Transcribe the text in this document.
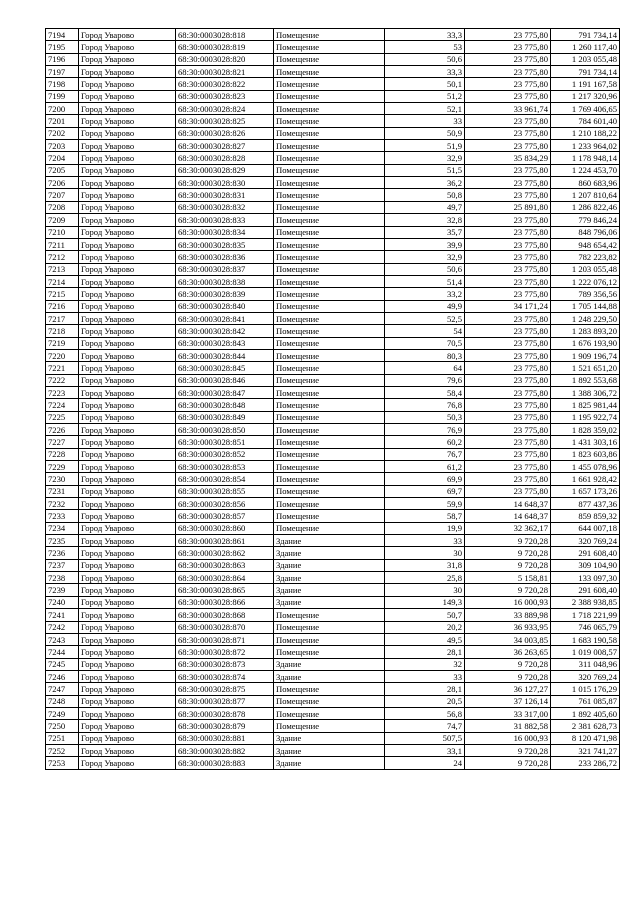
7194	Город Уварово	68:30:0003028:818	Помещение	33,3	23 775,80	791 734,14
7195	Город Уварово	68:30:0003028:819	Помещение	53	23 775,80	1 260 117,40
7196	Город Уварово	68:30:0003028:820	Помещение	50,6	23 775,80	1 203 055,48
7197	Город Уварово	68:30:0003028:821	Помещение	33,3	23 775,80	791 734,14
7198	Город Уварово	68:30:0003028:822	Помещение	50,1	23 775,80	1 191 167,58
7199	Город Уварово	68:30:0003028:823	Помещение	51,2	23 775,80	1 217 320,96
7200	Город Уварово	68:30:0003028:824	Помещение	52,1	33 961,74	1 769 406,65
7201	Город Уварово	68:30:0003028:825	Помещение	33	23 775,80	784 601,40
7202	Город Уварово	68:30:0003028:826	Помещение	50,9	23 775,80	1 210 188,22
7203	Город Уварово	68:30:0003028:827	Помещение	51,9	23 775,80	1 233 964,02
7204	Город Уварово	68:30:0003028:828	Помещение	32,9	35 834,29	1 178 948,14
7205	Город Уварово	68:30:0003028:829	Помещение	51,5	23 775,80	1 224 453,70
7206	Город Уварово	68:30:0003028:830	Помещение	36,2	23 775,80	860 683,96
7207	Город Уварово	68:30:0003028:831	Помещение	50,8	23 775,80	1 207 810,64
7208	Город Уварово	68:30:0003028:832	Помещение	49,7	25 891,80	1 286 822,46
7209	Город Уварово	68:30:0003028:833	Помещение	32,8	23 775,80	779 846,24
7210	Город Уварово	68:30:0003028:834	Помещение	35,7	23 775,80	848 796,06
7211	Город Уварово	68:30:0003028:835	Помещение	39,9	23 775,80	948 654,42
7212	Город Уварово	68:30:0003028:836	Помещение	32,9	23 775,80	782 223,82
7213	Город Уварово	68:30:0003028:837	Помещение	50,6	23 775,80	1 203 055,48
7214	Город Уварово	68:30:0003028:838	Помещение	51,4	23 775,80	1 222 076,12
7215	Город Уварово	68:30:0003028:839	Помещение	33,2	23 775,80	789 356,56
7216	Город Уварово	68:30:0003028:840	Помещение	49,9	34 171,24	1 705 144,88
7217	Город Уварово	68:30:0003028:841	Помещение	52,5	23 775,80	1 248 229,50
7218	Город Уварово	68:30:0003028:842	Помещение	54	23 775,80	1 283 893,20
7219	Город Уварово	68:30:0003028:843	Помещение	70,5	23 775,80	1 676 193,90
7220	Город Уварово	68:30:0003028:844	Помещение	80,3	23 775,80	1 909 196,74
7221	Город Уварово	68:30:0003028:845	Помещение	64	23 775,80	1 521 651,20
7222	Город Уварово	68:30:0003028:846	Помещение	79,6	23 775,80	1 892 553,68
7223	Город Уварово	68:30:0003028:847	Помещение	58,4	23 775,80	1 388 306,72
7224	Город Уварово	68:30:0003028:848	Помещение	76,8	23 775,80	1 825 981,44
7225	Город Уварово	68:30:0003028:849	Помещение	50,3	23 775,80	1 195 922,74
7226	Город Уварово	68:30:0003028:850	Помещение	76,9	23 775,80	1 828 359,02
7227	Город Уварово	68:30:0003028:851	Помещение	60,2	23 775,80	1 431 303,16
7228	Город Уварово	68:30:0003028:852	Помещение	76,7	23 775,80	1 823 603,86
7229	Город Уварово	68:30:0003028:853	Помещение	61,2	23 775,80	1 455 078,96
7230	Город Уварово	68:30:0003028:854	Помещение	69,9	23 775,80	1 661 928,42
7231	Город Уварово	68:30:0003028:855	Помещение	69,7	23 775,80	1 657 173,26
7232	Город Уварово	68:30:0003028:856	Помещение	59,9	14 648,37	877 437,36
7233	Город Уварово	68:30:0003028:857	Помещение	58,7	14 648,37	859 859,32
7234	Город Уварово	68:30:0003028:860	Помещение	19,9	32 362,17	644 007,18
7235	Город Уварово	68:30:0003028:861	Здание	33	9 720,28	320 769,24
7236	Город Уварово	68:30:0003028:862	Здание	30	9 720,28	291 608,40
7237	Город Уварово	68:30:0003028:863	Здание	31,8	9 720,28	309 104,90
7238	Город Уварово	68:30:0003028:864	Здание	25,8	5 158,81	133 097,30
7239	Город Уварово	68:30:0003028:865	Здание	30	9 720,28	291 608,40
7240	Город Уварово	68:30:0003028:866	Здание	149,3	16 000,93	2 388 938,85
7241	Город Уварово	68:30:0003028:868	Помещение	50,7	33 889,98	1 718 221,99
7242	Город Уварово	68:30:0003028:870	Помещение	20,2	36 933,95	746 065,79
7243	Город Уварово	68:30:0003028:871	Помещение	49,5	34 003,85	1 683 190,58
7244	Город Уварово	68:30:0003028:872	Помещение	28,1	36 263,65	1 019 008,57
7245	Город Уварово	68:30:0003028:873	Здание	32	9 720,28	311 048,96
7246	Город Уварово	68:30:0003028:874	Здание	33	9 720,28	320 769,24
7247	Город Уварово	68:30:0003028:875	Помещение	28,1	36 127,27	1 015 176,29
7248	Город Уварово	68:30:0003028:877	Помещение	20,5	37 126,14	761 085,87
7249	Город Уварово	68:30:0003028:878	Помещение	56,8	33 317,00	1 892 405,60
7250	Город Уварово	68:30:0003028:879	Помещение	74,7	31 882,58	2 381 628,73
7251	Город Уварово	68:30:0003028:881	Здание	507,5	16 000,93	8 120 471,98
7252	Город Уварово	68:30:0003028:882	Здание	33,1	9 720,28	321 741,27
7253	Город Уварово	68:30:0003028:883	Здание	24	9 720,28	233 286,72
